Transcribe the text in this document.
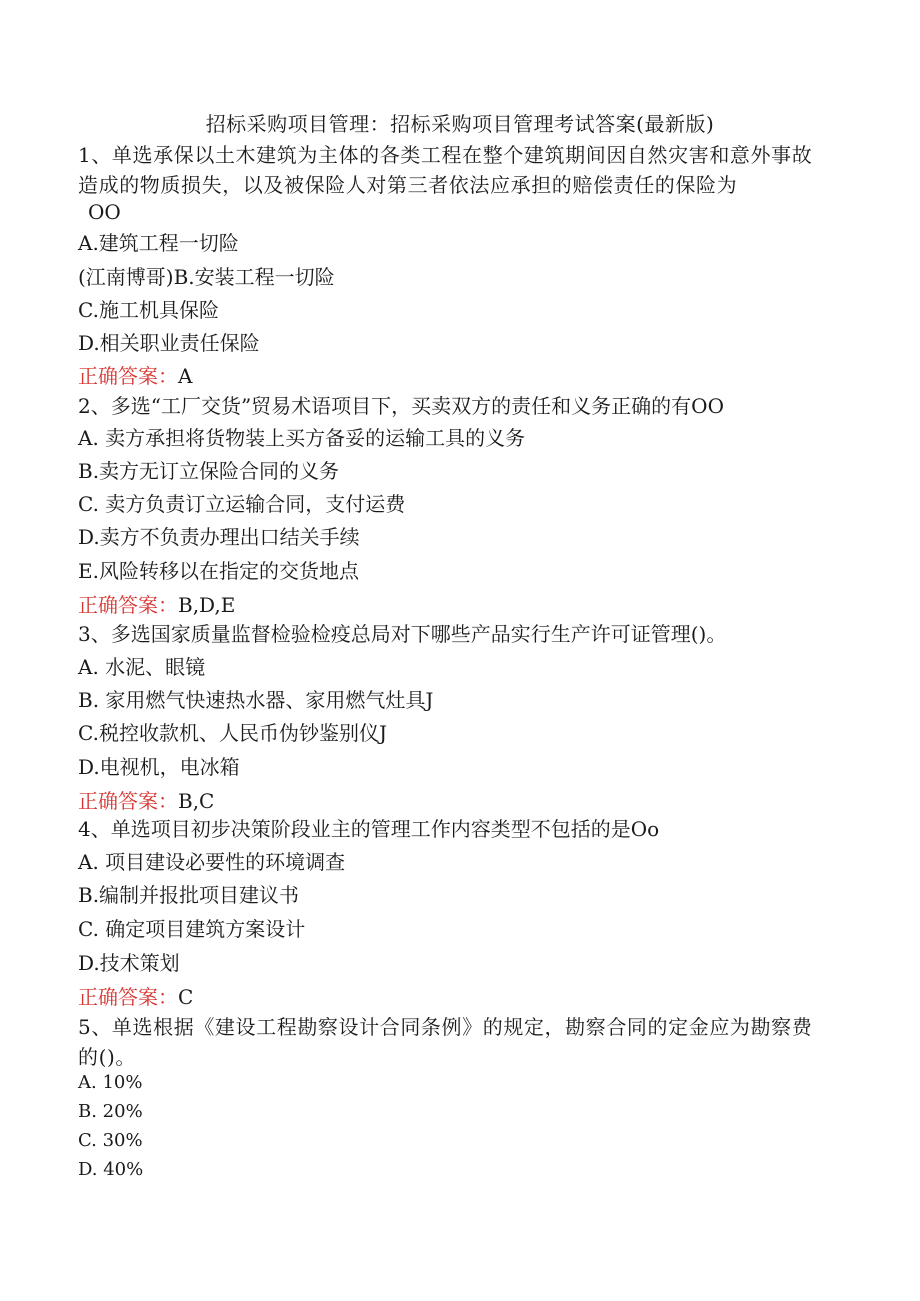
招标采购项目管理：招标采购项目管理考试答案(最新版)
1、单选承保以土木建筑为主体的各类工程在整个建筑期间因自然灾害和意外事故造成的物质损失，以及被保险人对第三者依法应承担的赔偿责任的保险为
OO
A.建筑工程一切险
(江南博哥)B.安装工程一切险
C.施工机具保险
D.相关职业责任保险
正确答案：A
2、多选“工厂交货”贸易术语项目下，买卖双方的责任和义务正确的有OO
A. 卖方承担将货物装上买方备妥的运输工具的义务
B.卖方无订立保险合同的义务
C. 卖方负责订立运输合同，支付运费
D.卖方不负责办理出口结关手续
E.风险转移以在指定的交货地点
正确答案：B,D,E
3、多选国家质量监督检验检疫总局对下哪些产品实行生产许可证管理()。
A. 水泥、眼镜
B. 家用燃气快速热水器、家用燃气灶具J
C.税控收款机、人民币伪钞鉴别仪J
D.电视机，电冰箱
正确答案：B,C
4、单选项目初步决策阶段业主的管理工作内容类型不包括的是Oo
A. 项目建设必要性的环境调查
B.编制并报批项目建议书
C. 确定项目建筑方案设计
D.技术策划
正确答案：C
5、单选根据《建设工程勘察设计合同条例》的规定，勘察合同的定金应为勘察费的()。
A. 10%
B. 20%
C. 30%
D. 40%
